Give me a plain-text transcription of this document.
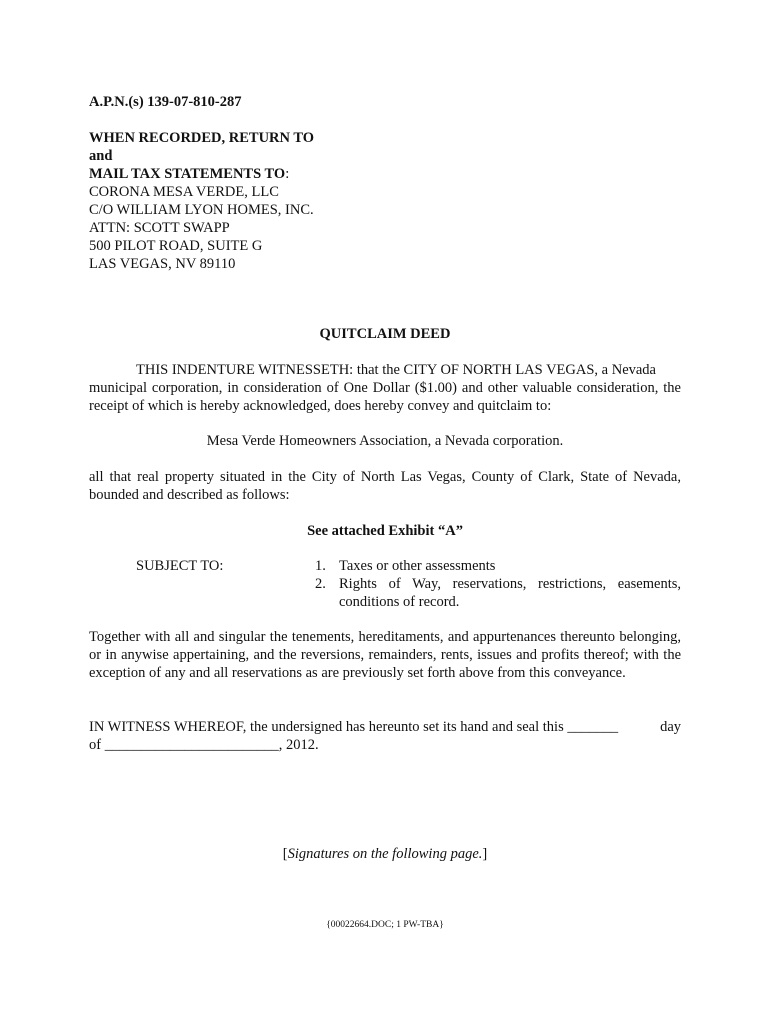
A.P.N.(s) 139-07-810-287
WHEN RECORDED, RETURN TO
and
MAIL TAX STATEMENTS TO:
CORONA MESA VERDE, LLC
C/O WILLIAM LYON HOMES, INC.
ATTN: SCOTT SWAPP
500 PILOT ROAD, SUITE G
LAS VEGAS, NV 89110
QUITCLAIM DEED
THIS INDENTURE WITNESSETH: that the CITY OF NORTH LAS VEGAS, a Nevada
municipal corporation, in consideration of One Dollar ($1.00) and other valuable consideration, the receipt of which is hereby acknowledged, does hereby convey and quitclaim to:
Mesa Verde Homeowners Association, a Nevada corporation.
all that real property situated in the City of North Las Vegas, County of Clark, State of Nevada, bounded and described as follows:
See attached Exhibit “A”
SUBJECT TO:	1. Taxes or other assessments
2. Rights of Way, reservations, restrictions, easements, conditions of record.
Together with all and singular the tenements, hereditaments, and appurtenances thereunto belonging, or in anywise appertaining, and the reversions, remainders, rents, issues and profits thereof; with the exception of any and all reservations as are previously set forth above from this conveyance.
IN WITNESS WHEREOF, the undersigned has hereunto set its hand and seal this _______	day
of ________________________, 2012.
[Signatures on the following page.]
{00022664.DOC; 1 PW-TBA}
